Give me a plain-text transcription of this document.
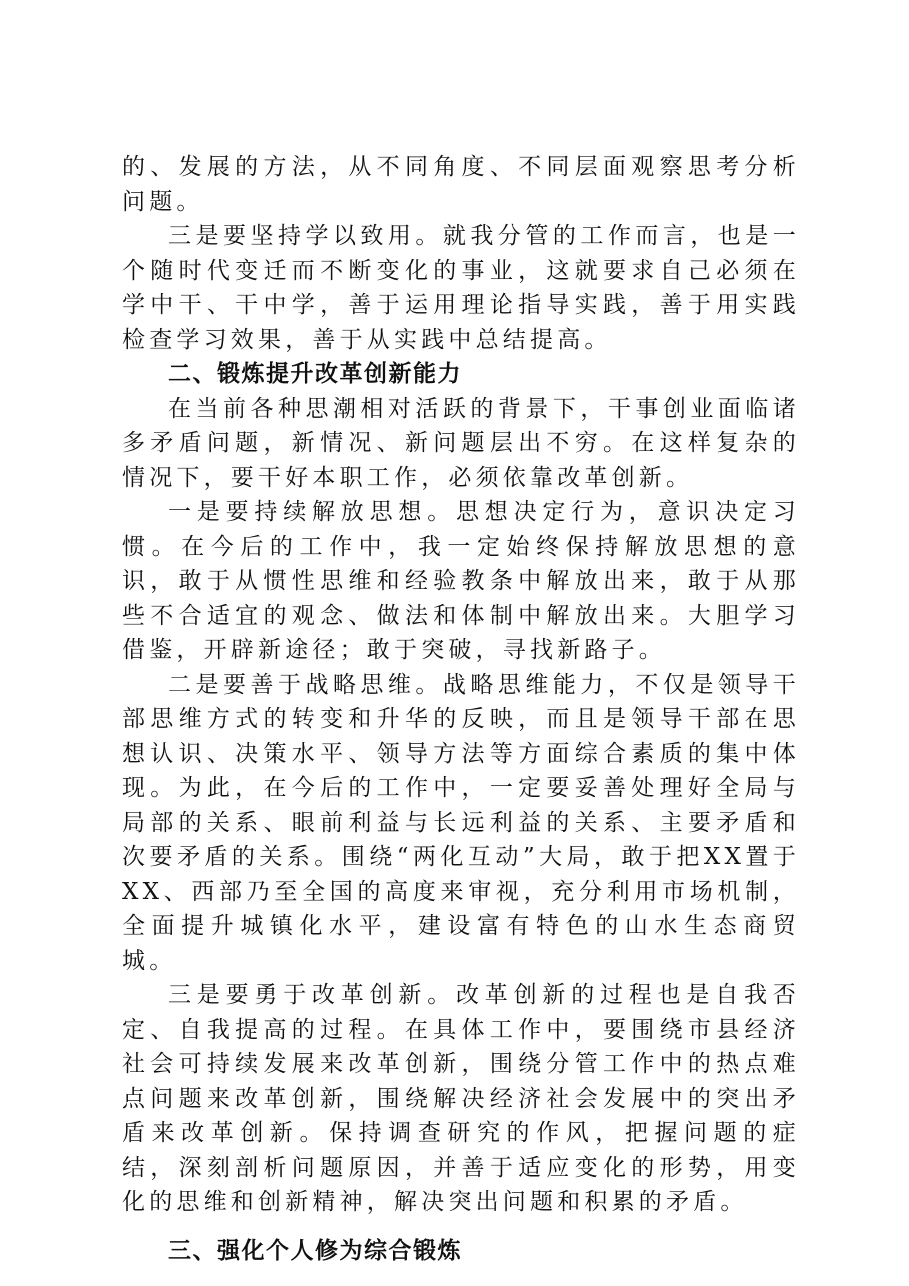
的、发展的方法，从不同角度、不同层面观察思考分析问题。

三是要坚持学以致用。就我分管的工作而言，也是一个随时代变迁而不断变化的事业，这就要求自己必须在学中干、干中学，善于运用理论指导实践，善于用实践检查学习效果，善于从实践中总结提高。

二、锻炼提升改革创新能力

在当前各种思潮相对活跃的背景下，干事创业面临诸多矛盾问题，新情况、新问题层出不穷。在这样复杂的情况下，要干好本职工作，必须依靠改革创新。

一是要持续解放思想。思想决定行为，意识决定习惯。在今后的工作中，我一定始终保持解放思想的意识，敢于从惯性思维和经验教条中解放出来，敢于从那些不合适宜的观念、做法和体制中解放出来。大胆学习借鉴，开辟新途径；敢于突破，寻找新路子。

二是要善于战略思维。战略思维能力，不仅是领导干部思维方式的转变和升华的反映，而且是领导干部在思想认识、决策水平、领导方法等方面综合素质的集中体现。为此，在今后的工作中，一定要妥善处理好全局与局部的关系、眼前利益与长远利益的关系、主要矛盾和次要矛盾的关系。围绕“两化互动”大局，敢于把XX置于XX、西部乃至全国的高度来审视，充分利用市场机制，全面提升城镇化水平，建设富有特色的山水生态商贸城。

三是要勇于改革创新。改革创新的过程也是自我否定、自我提高的过程。在具体工作中，要围绕市县经济社会可持续发展来改革创新，围绕分管工作中的热点难点问题来改革创新，围绕解决经济社会发展中的突出矛盾来改革创新。保持调查研究的作风，把握问题的症结，深刻剖析问题原因，并善于适应变化的形势，用变化的思维和创新精神，解决突出问题和积累的矛盾。

三、强化个人修为综合锻炼
